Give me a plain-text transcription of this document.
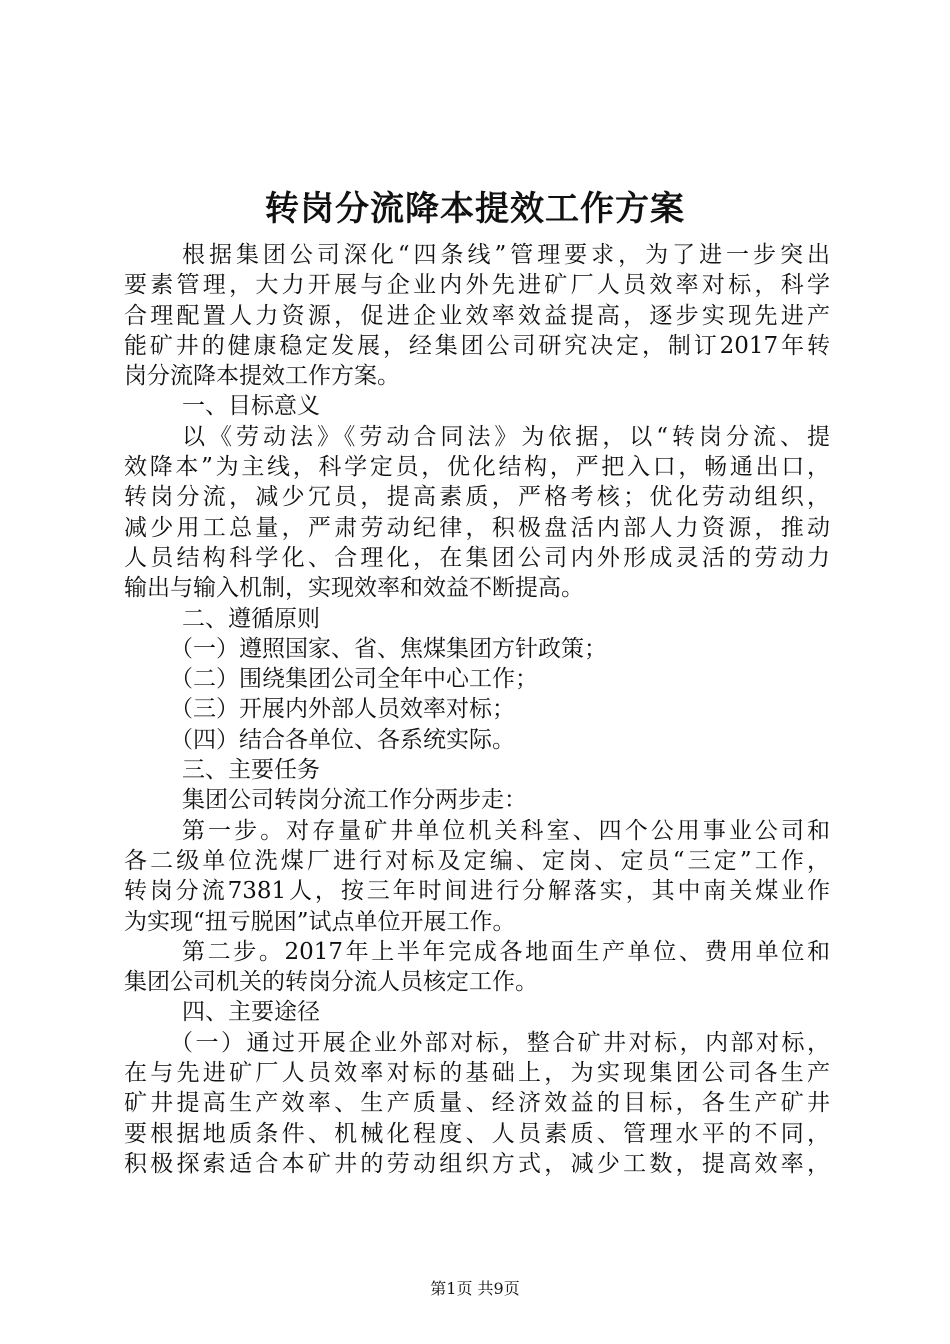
转岗分流降本提效工作方案
根据集团公司深化“四条线”管理要求，为了进一步突出
要素管理，大力开展与企业内外先进矿厂人员效率对标，科学
合理配置人力资源，促进企业效率效益提高，逐步实现先进产
能矿井的健康稳定发展，经集团公司研究决定，制订2017年转
岗分流降本提效工作方案。
一、目标意义
以《劳动法》《劳动合同法》为依据，以“转岗分流、提
效降本”为主线，科学定员，优化结构，严把入口，畅通出口，
转岗分流，减少冗员，提高素质，严格考核；优化劳动组织，
减少用工总量，严肃劳动纪律，积极盘活内部人力资源，推动
人员结构科学化、合理化，在集团公司内外形成灵活的劳动力
输出与输入机制，实现效率和效益不断提高。
二、遵循原则
（一）遵照国家、省、焦煤集团方针政策；
（二）围绕集团公司全年中心工作；
（三）开展内外部人员效率对标；
（四）结合各单位、各系统实际。
三、主要任务
集团公司转岗分流工作分两步走：
第一步。对存量矿井单位机关科室、四个公用事业公司和
各二级单位洗煤厂进行对标及定编、定岗、定员“三定”工作，
转岗分流7381人，按三年时间进行分解落实，其中南关煤业作
为实现“扭亏脱困”试点单位开展工作。
第二步。2017年上半年完成各地面生产单位、费用单位和
集团公司机关的转岗分流人员核定工作。
四、主要途径
（一）通过开展企业外部对标，整合矿井对标，内部对标，
在与先进矿厂人员效率对标的基础上，为实现集团公司各生产
矿井提高生产效率、生产质量、经济效益的目标，各生产矿井
要根据地质条件、机械化程度、人员素质、管理水平的不同，
积极探索适合本矿井的劳动组织方式，减少工数，提高效率，
第1页 共9页
